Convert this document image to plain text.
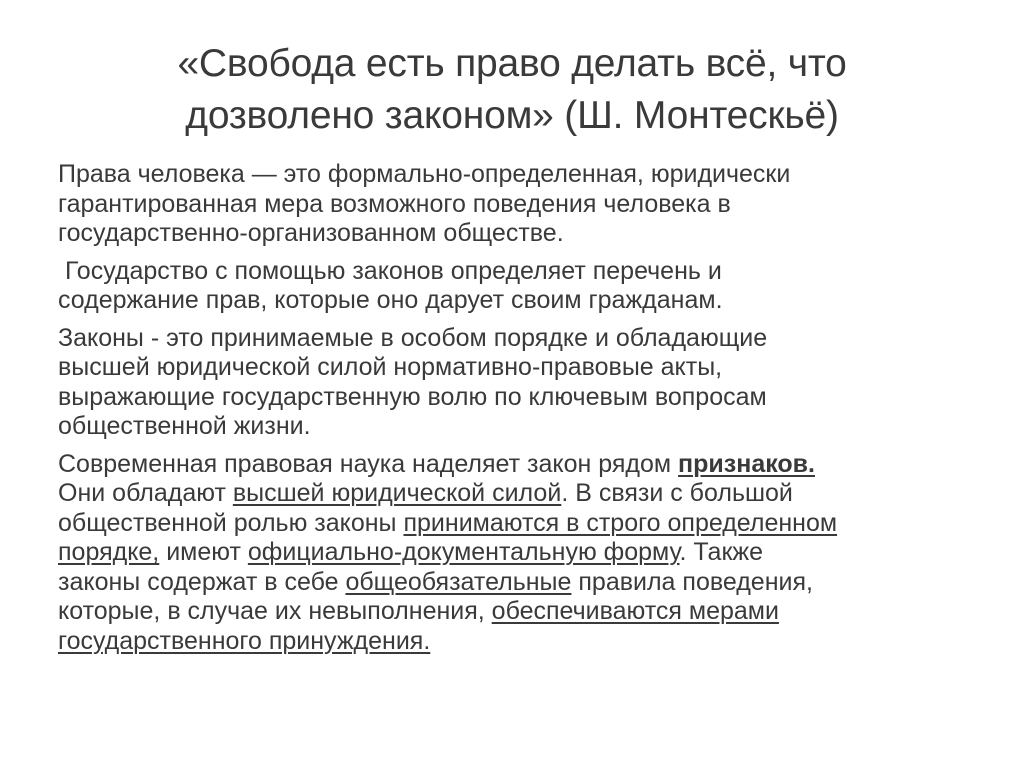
«Свобода есть право делать всё, что
дозволено законом» (Ш. Монтескьё)

Права человека — это формально-определенная, юридически
гарантированная мера возможного поведения человека в
государственно-организованном обществе.

Государство с помощью законов определяет перечень и
содержание прав, которые оно дарует своим гражданам.

Законы - это принимаемые в особом порядке и обладающие
высшей юридической силой нормативно-правовые акты,
выражающие государственную волю по ключевым вопросам
общественной жизни.

Современная правовая наука наделяет закон рядом признаков.
Они обладают высшей юридической силой. В связи с большой
общественной ролью законы принимаются в строго определенном
порядке, имеют официально-документальную форму. Также
законы содержат в себе общеобязательные правила поведения,
которые, в случае их невыполнения, обеспечиваются мерами
государственного принуждения.
